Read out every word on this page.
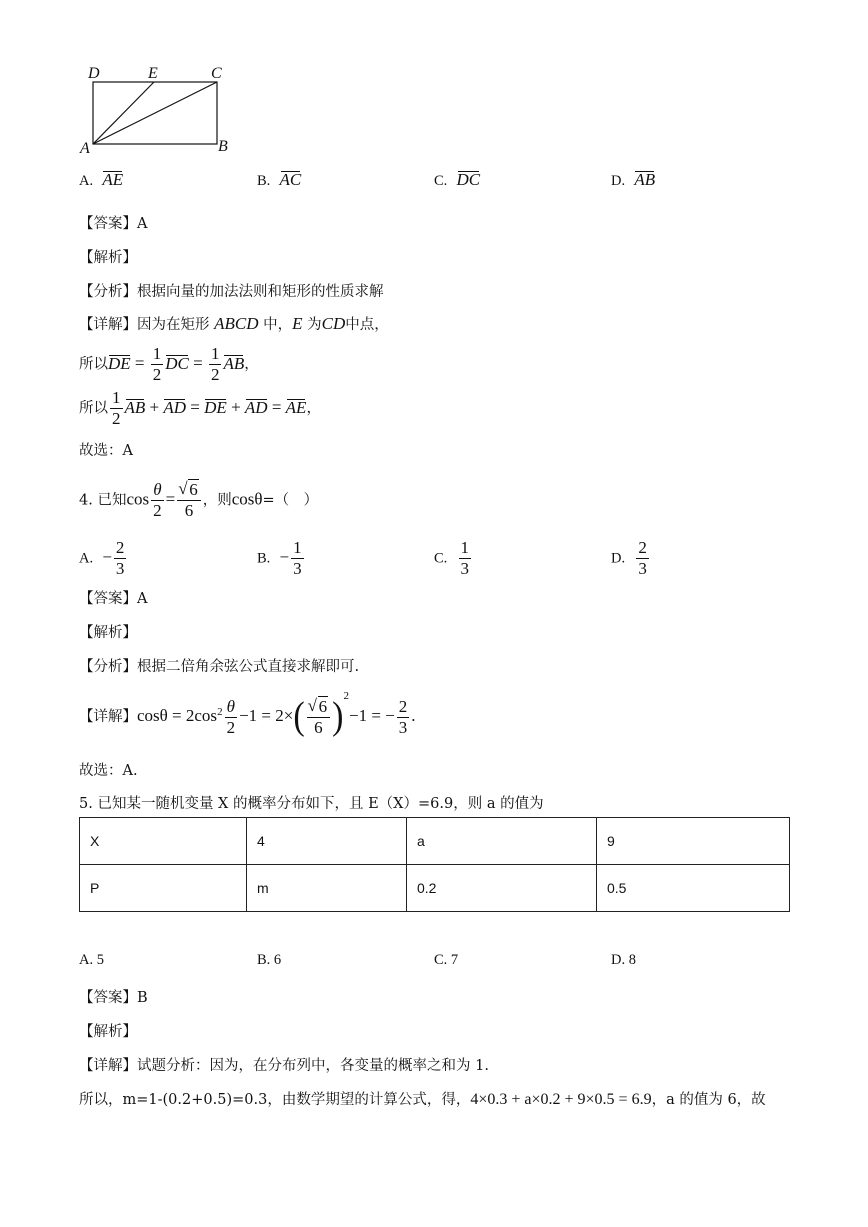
D	E	C
A	B
A. AE	B. AC	C. DC	D. AB
【答案】A
【解析】
【分析】根据向量的加法法则和矩形的性质求解
【详解】因为在矩形 ABCD 中，E 为CD中点，
所以DE = $\frac{1}{2}$ DC = $\frac{1}{2}$ AB，
所以 $\frac{1}{2}$ AB + AD = DE + AD = AE，
故选：A
4. 已知$\cos \frac{\theta}{2}$ = √ $\frac{6}{6}$ ，则cosθ=（　）
A. − $\frac{2}{3}$	B. − $\frac{1}{3}$	C. $\frac{1}{3}$	D. $\frac{2}{3}$
【答案】A
【解析】
【分析】根据二倍角余弦公式直接求解即可.
【详解】$\cos\theta = 2\cos^2 \frac{\theta}{2} -1 = 2\times$( √ $\frac{6}{6} )^2-1$ = − $\frac{2}{3}$ .
故选：A.
5. 已知某一随机变量 X 的概率分布如下，且 E（X）=6.9，则 a 的值为
X	4	a	9
P	m	0.2	0.5
A. 5	B. 6	C. 7	D. 8
【答案】B
【解析】
【详解】试题分析：因为，在分布列中，各变量的概率之和为 1.
所以，m=1-(0.2+0.5)=0.3，由数学期望的计算公式，得，4×0.3 + a×0.2 + 9×0.5 = 6.9，a 的值为 6，故
